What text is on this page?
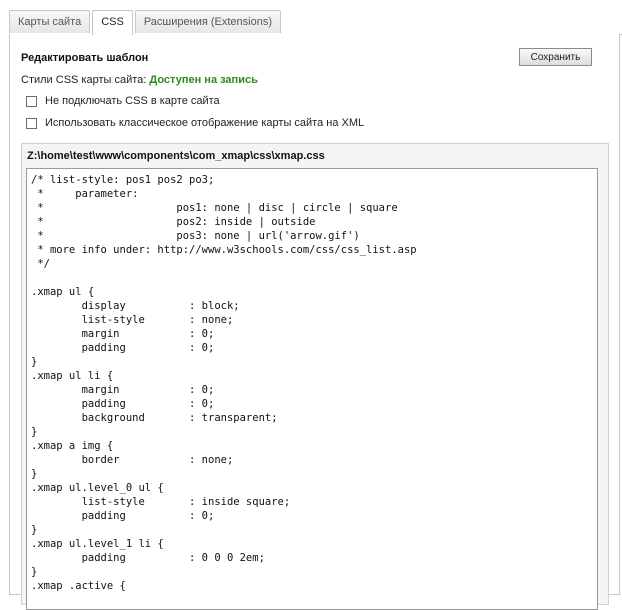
Карты сайта	CSS	Расширения (Extensions)
Редактировать шаблон	Сохранить
Стили CSS карты сайта: Доступен на запись
Не подключать CSS в карте сайта
Использовать классическое отображение карты сайта на XML
Z:\home\test\www\components\com_xmap\css\xmap.css
/* list-style: pos1 pos2 po3;
*     parameter:
*                     pos1: none | disc | circle | square
*                     pos2: inside | outside
*                     pos3: none | url('arrow.gif')
* more info under: http://www.w3schools.com/css/css_list.asp
*/

.xmap ul {
display          : block;
list-style       : none;
margin           : 0;
padding          : 0;
}
.xmap ul li {
margin           : 0;
padding          : 0;
background       : transparent;
}
.xmap a img {
border           : none;
}
.xmap ul.level_0 ul {
list-style       : inside square;
padding          : 0;
}
.xmap ul.level_1 li {
padding          : 0 0 0 2em;
}
.xmap .active {
